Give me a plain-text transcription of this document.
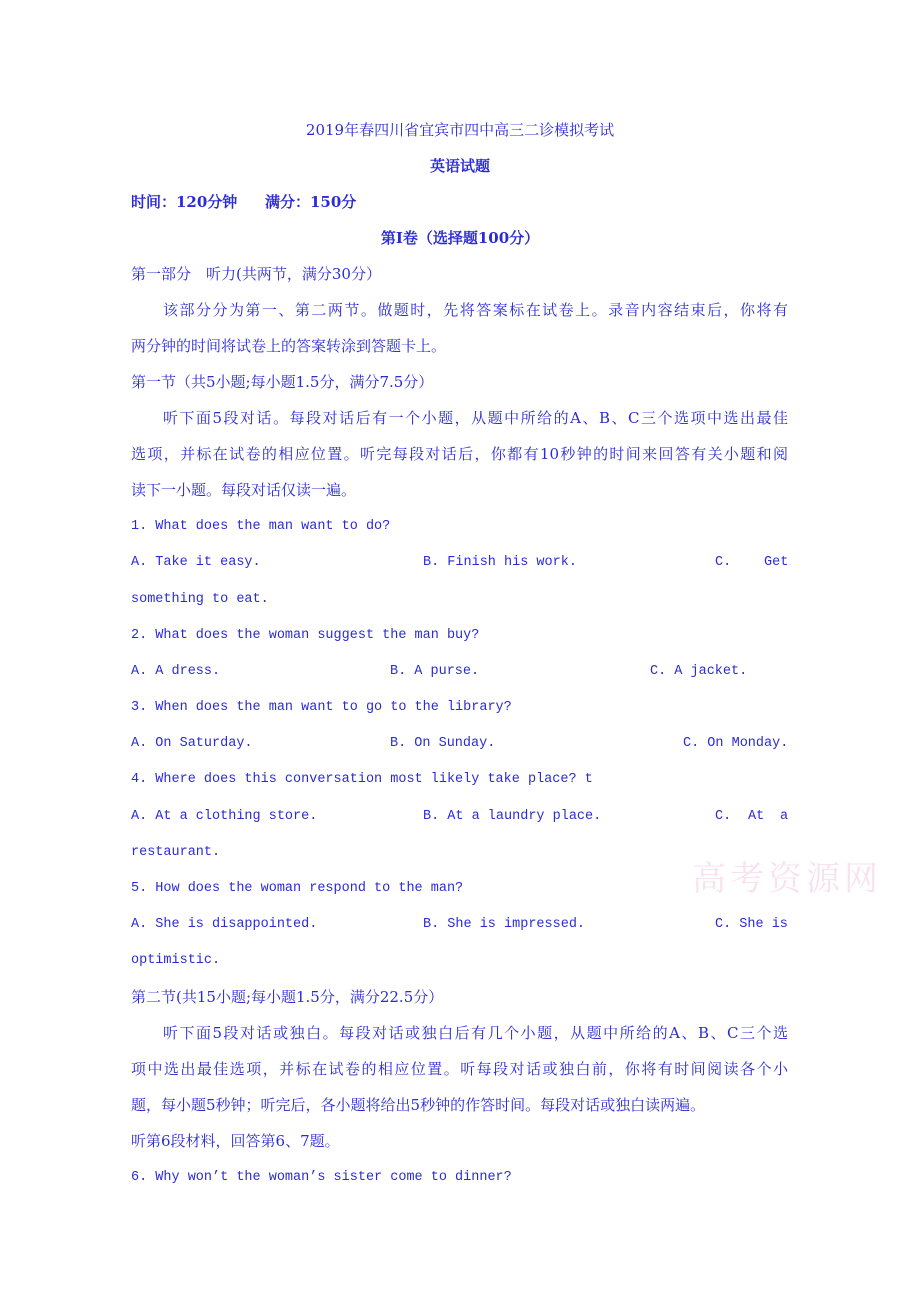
高考资源网
2019年春四川省宜宾市四中高三二诊模拟考试
英语试题
时间：120分钟 满分：150分
第I卷（选择题100分）
第一部分　听力(共两节，满分30分）
该部分分为第一、第二两节。做题时，先将答案标在试卷上。录音内容结束后，你将有
两分钟的时间将试卷上的答案转涂到答题卡上。
第一节（共5小题;每小题1.5分，满分7.5分）
听下面5段对话。每段对话后有一个小题，从题中所给的A、B、C三个选项中选出最佳
选项，并标在试卷的相应位置。听完每段对话后，你都有10秒钟的时间来回答有关小题和阅
读下一小题。每段对话仅读一遍。
1. What does the man want to do?
A. Take it easy.	B. Finish his work.	C. Get
something to eat.
2. What does the woman suggest the man buy?
A. A dress.	B. A purse.	C. A jacket.
3. When does the man want to go to the library?
A. On Saturday.	B. On Sunday.	C. On Monday.
4. Where does this conversation most likely take place? t
A. At a clothing store.	B. At a laundry place.	C. At a
restaurant.
5. How does the woman respond to the man?
A. She is disappointed.	B. She is impressed.	C. She is
optimistic.
第二节(共15小题;每小题1.5分，满分22.5分）
听下面5段对话或独白。每段对话或独白后有几个小题，从题中所给的A、B、C三个选
项中选出最佳选项，并标在试卷的相应位置。听每段对话或独白前，你将有时间阅读各个小
题，每小题5秒钟；听完后，各小题将给出5秒钟的作答时间。每段对话或独白读两遍。
听第6段材料，回答第6、7题。
6. Why won’t the woman’s sister come to dinner?
